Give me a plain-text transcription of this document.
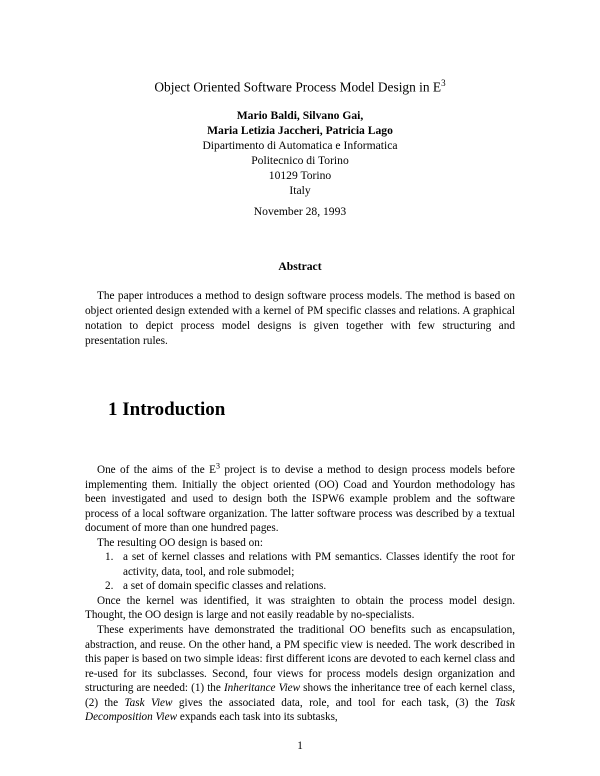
Object Oriented Software Process Model Design in $E^3$
Mario Baldi, Silvano Gai,
Maria Letizia Jaccheri, Patricia Lago
Dipartimento di Automatica e Informatica
Politecnico di Torino
10129 Torino
Italy
November 28, 1993
Abstract
The paper introduces a method to design software process models. The method is based on object oriented design extended with a kernel of PM specific classes and relations. A graphical notation to depict process model designs is given together with few structuring and presentation rules.
1 Introduction

One of the aims of the $E^3$ project is to devise a method to design process models before implementing them. Initially the object oriented (OO) Coad and Yourdon methodology has been investigated and used to design both the ISPW6 example problem and the software process of a local software organization. The latter software process was described by a textual document of more than one hundred pages.

The resulting OO design is based on:

1. a set of kernel classes and relations with PM semantics. Classes identify the root for activity, data, tool, and role submodel;
2. a set of domain specific classes and relations.

Once the kernel was identified, it was straighten to obtain the process model design. Thought, the OO design is large and not easily readable by no-specialists.

These experiments have demonstrated the traditional OO benefits such as encapsulation, abstraction, and reuse. On the other hand, a PM specific view is needed. The work described in this paper is based on two simple ideas: first different icons are devoted to each kernel class and re-used for its subclasses. Second, four views for process models design organization and structuring are needed: (1) the Inheritance View shows the inheritance tree of each kernel class, (2) the Task View gives the associated data, role, and tool for each task, (3) the Task Decomposition View expands each task into its subtasks,

1
